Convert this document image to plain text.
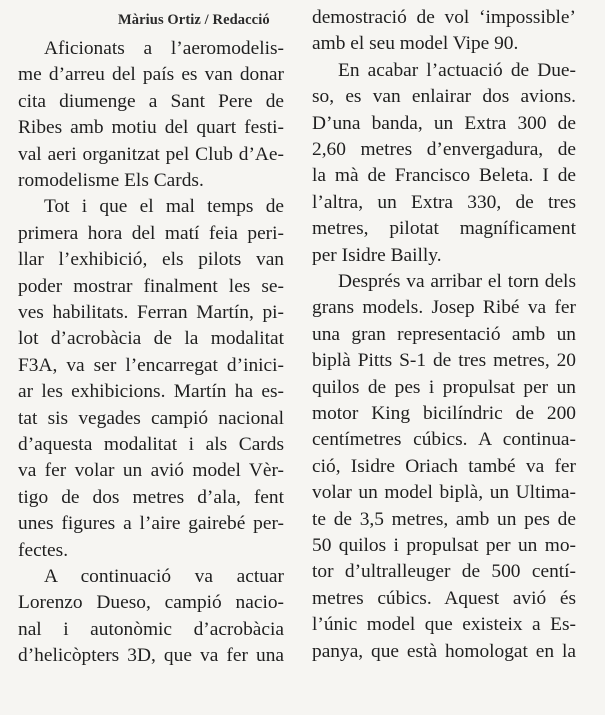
Màrius Ortiz / Redacció
Aficionats a l’aeromodelis-
me d’arreu del país es van donar
cita diumenge a Sant Pere de
Ribes amb motiu del quart festi-
val aeri organitzat pel Club d’Ae-
romodelisme Els Cards.
Tot i que el mal temps de
primera hora del matí feia peri-
llar l’exhibició, els pilots van
poder mostrar finalment les se-
ves habilitats. Ferran Martín, pi-
lot d’acrobàcia de la modalitat
F3A, va ser l’encarregat d’inici-
ar les exhibicions. Martín ha es-
tat sis vegades campió nacional
d’aquesta modalitat i als Cards
va fer volar un avió model Vèr-
tigo de dos metres d’ala, fent
unes figures a l’aire gairebé per-
fectes.
A continuació va actuar
Lorenzo Dueso, campió nacio-
nal i autonòmic d’acrobàcia
d’helicòpters 3D, que va fer una
demostració de vol ‘impossible’
amb el seu model Vipe 90.
En acabar l’actuació de Due-
so, es van enlairar dos avions.
D’una banda, un Extra 300 de
2,60 metres d’envergadura, de
la mà de Francisco Beleta. I de
l’altra, un Extra 330, de tres
metres, pilotat magníficament
per Isidre Bailly.
Després va arribar el torn dels
grans models. Josep Ribé va fer
una gran representació amb un
biplà Pitts S-1 de tres metres, 20
quilos de pes i propulsat per un
motor King bicilíndric de 200
centímetres cúbics. A continua-
ció, Isidre Oriach també va fer
volar un model biplà, un Ultima-
te de 3,5 metres, amb un pes de
50 quilos i propulsat per un mo-
tor d’ultralleuger de 500 centí-
metres cúbics. Aquest avió és
l’únic model que existeix a Es-
panya, que està homologat en la
